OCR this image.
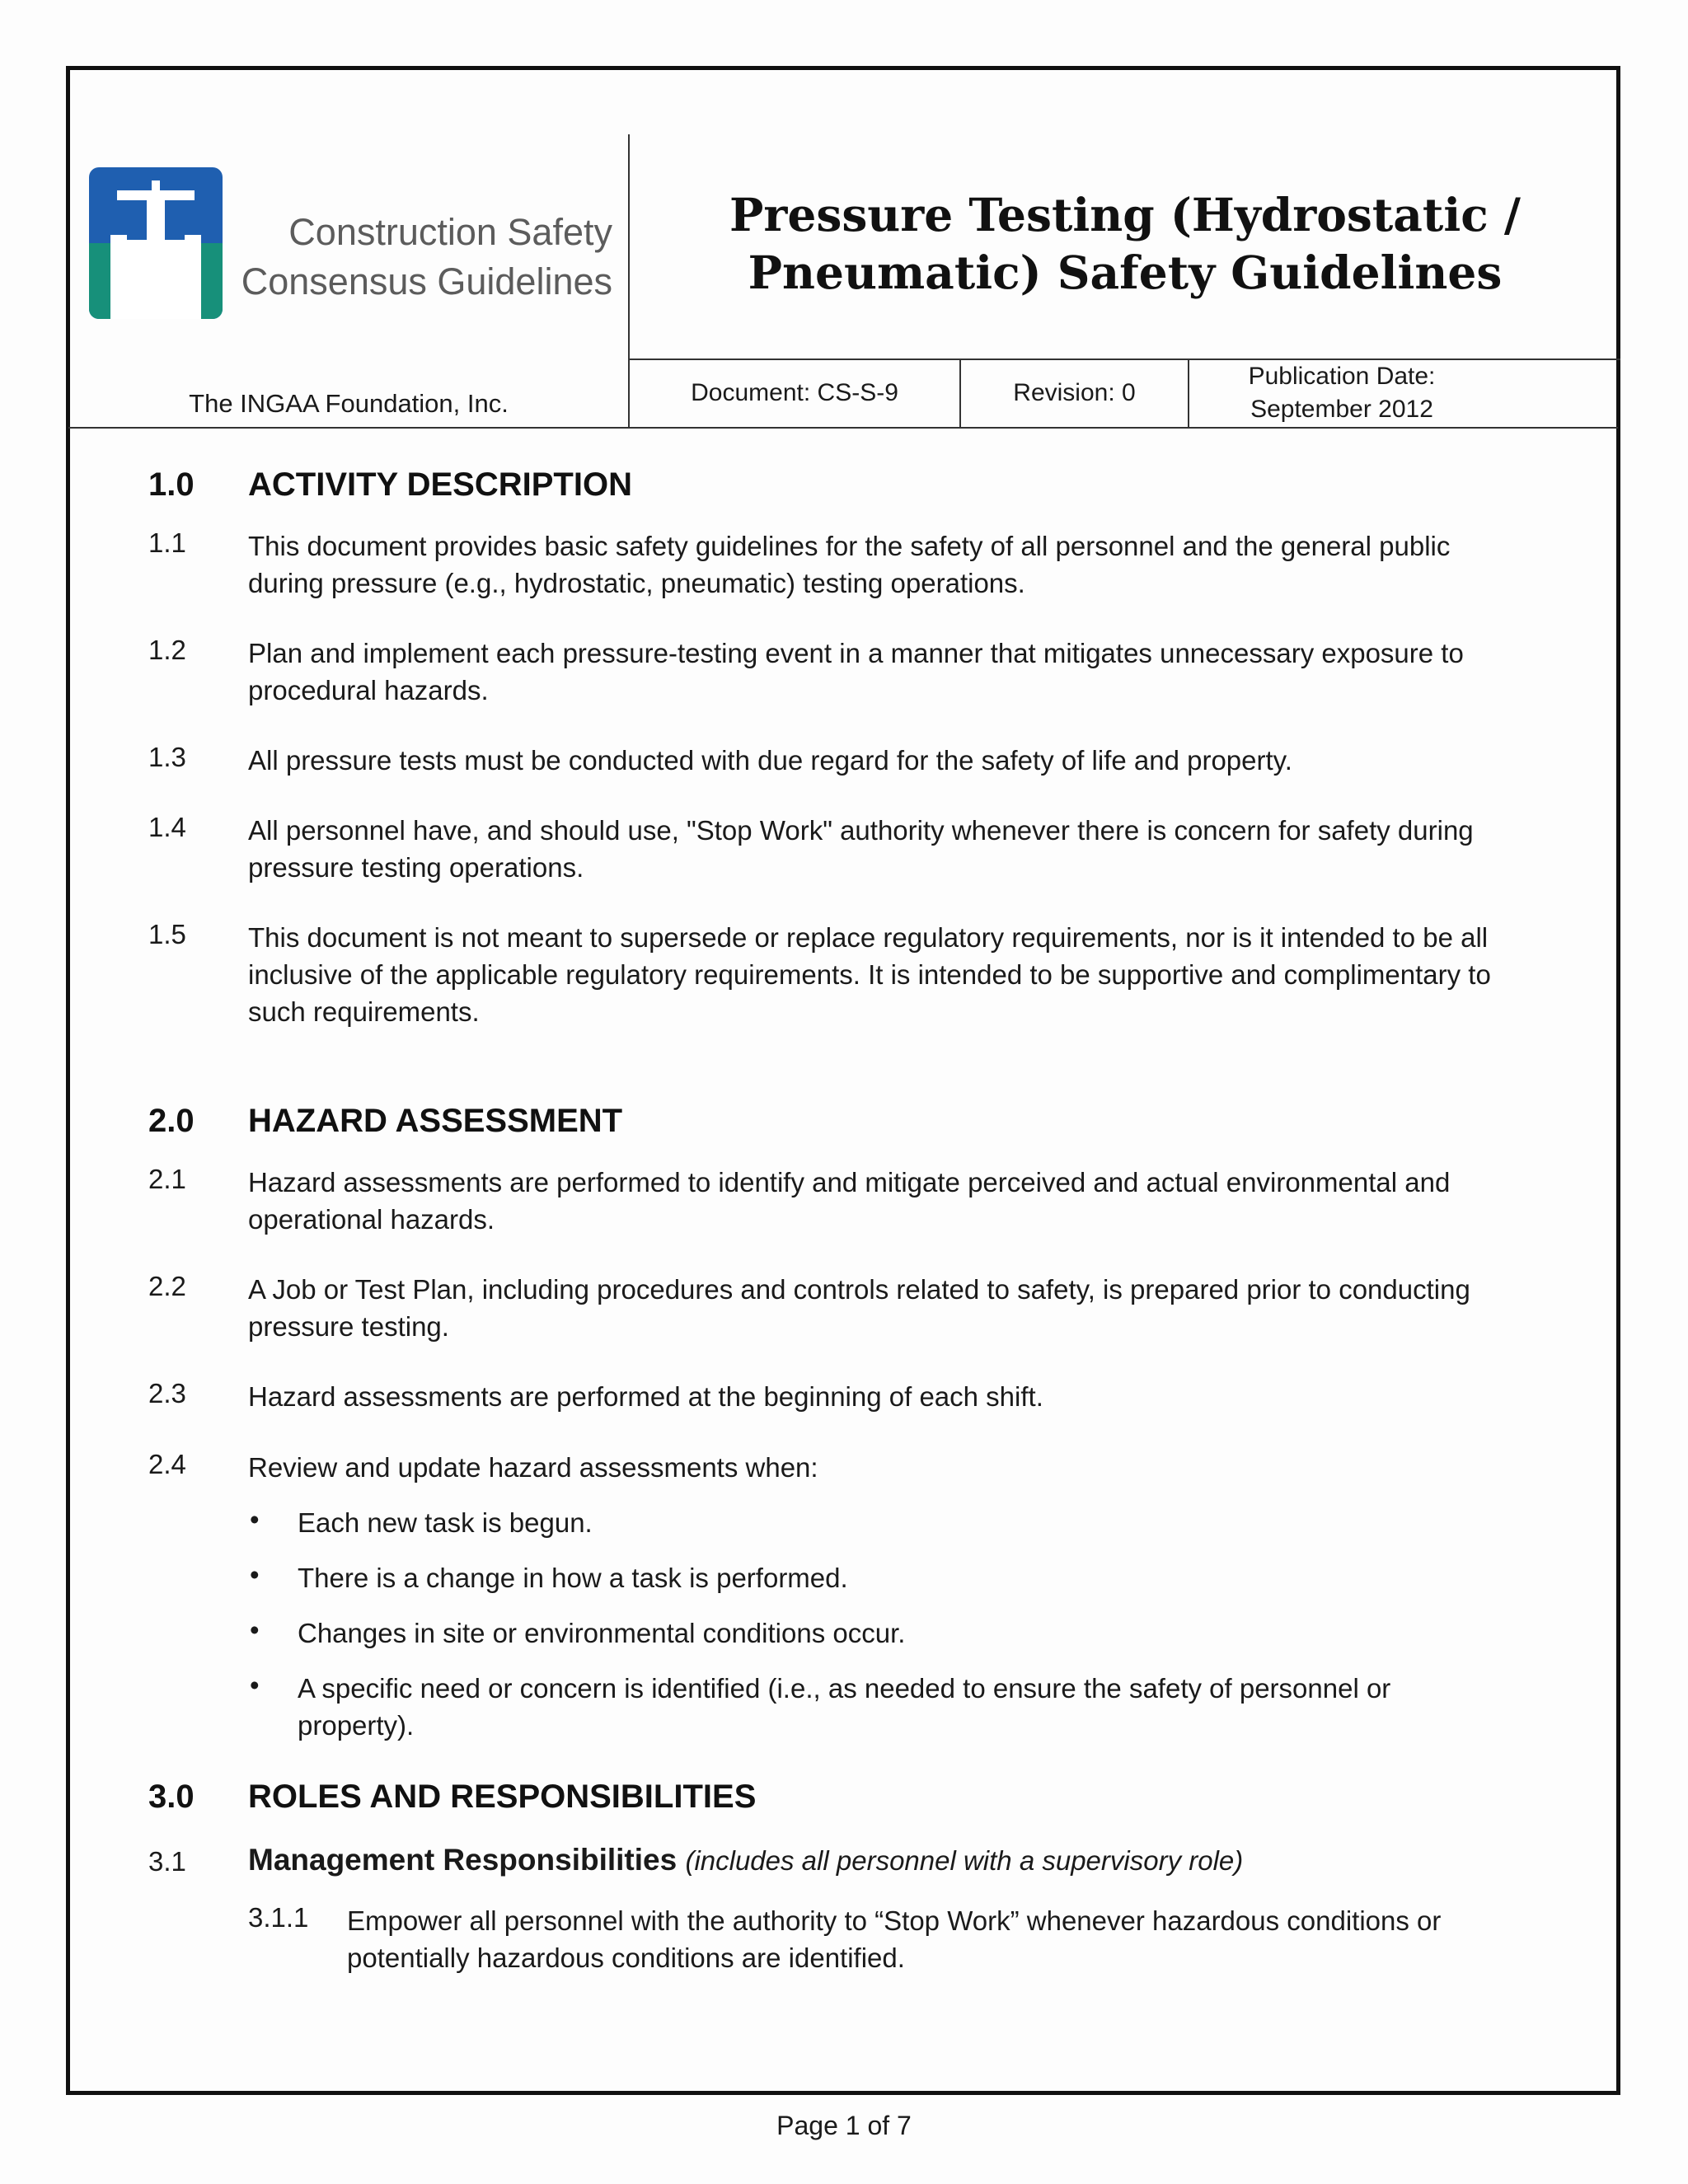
Construction Safety
Consensus Guidelines
The INGAA Foundation, Inc.
Pressure Testing (Hydrostatic /
Pneumatic) Safety Guidelines
Document: CS-S-9	Revision: 0
Publication Date:
September 2012
1.0 ACTIVITY DESCRIPTION
1.1 This document provides basic safety guidelines for the safety of all personnel and the general public during pressure (e.g., hydrostatic, pneumatic) testing operations.
1.2 Plan and implement each pressure-testing event in a manner that mitigates unnecessary exposure to procedural hazards.
1.3 All pressure tests must be conducted with due regard for the safety of life and property.
1.4 All personnel have, and should use, "Stop Work" authority whenever there is concern for safety during pressure testing operations.
1.5 This document is not meant to supersede or replace regulatory requirements, nor is it intended to be all inclusive of the applicable regulatory requirements. It is intended to be supportive and complimentary to such requirements.
2.0 HAZARD ASSESSMENT
2.1 Hazard assessments are performed to identify and mitigate perceived and actual environmental and operational hazards.
2.2 A Job or Test Plan, including procedures and controls related to safety, is prepared prior to conducting pressure testing.
2.3 Hazard assessments are performed at the beginning of each shift.
2.4 Review and update hazard assessments when:
• Each new task is begun.
• There is a change in how a task is performed.
• Changes in site or environmental conditions occur.
• A specific need or concern is identified (i.e., as needed to ensure the safety of personnel or property).
3.0 ROLES AND RESPONSIBILITIES
3.1 Management Responsibilities (includes all personnel with a supervisory role)
3.1.1 Empower all personnel with the authority to “Stop Work” whenever hazardous conditions or potentially hazardous conditions are identified.
Page 1 of 7
